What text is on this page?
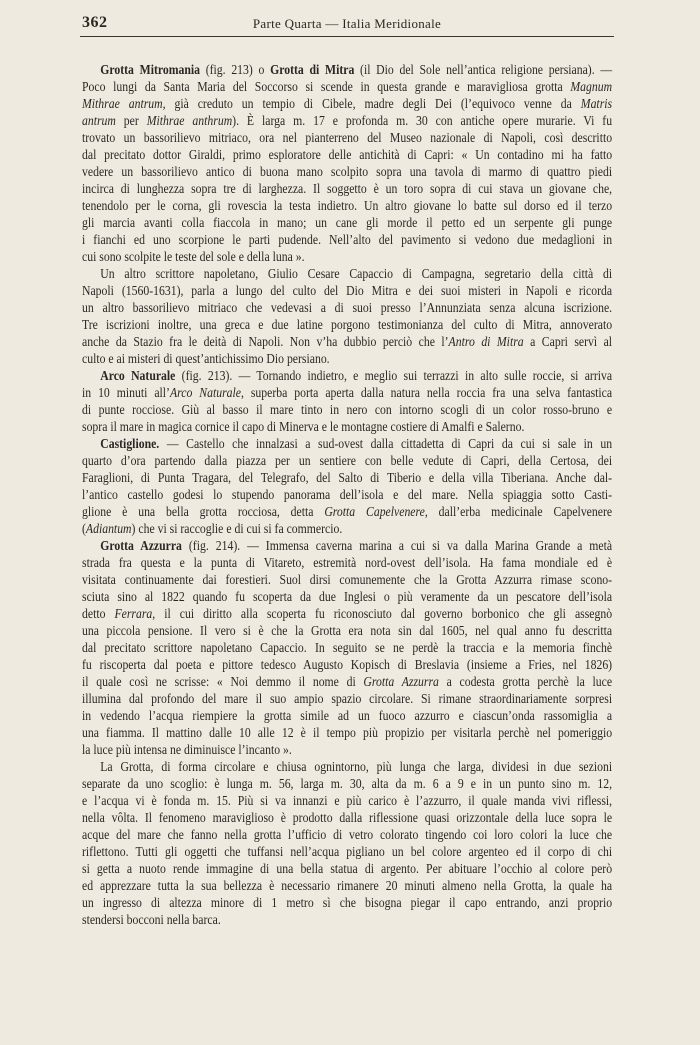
362	Parte Quarta — Italia Meridionale
Grotta Mitromania (fig. 213) o Grotta di Mitra (il Dio del Sole nell’antica religione persiana). —
Poco lungi da Santa Maria del Soccorso si scende in questa grande e maravigliosa grotta Magnum
Mithrae antrum, già creduto un tempio di Cibele, madre degli Dei (l’equivoco venne da Matris
antrum per Mithrae anthrum). È larga m. 17 e profonda m. 30 con antiche opere murarie. Vi fu
trovato un bassorilievo mitriaco, ora nel pianterreno del Museo nazionale di Napoli, così descritto
dal precitato dottor Giraldi, primo esploratore delle antichità di Capri: « Un contadino mi ha fatto
vedere un bassorilievo antico di buona mano scolpito sopra una tavola di marmo di quattro piedi
incirca di lunghezza sopra tre di larghezza. Il soggetto è un toro sopra di cui stava un giovane che,
tenendolo per le corna, gli rovescia la testa indietro. Un altro giovane lo batte sul dorso ed il terzo
gli marcia avanti colla fiaccola in mano; un cane gli morde il petto ed un serpente gli punge
i fianchi ed uno scorpione le parti pudende. Nell’alto del pavimento si vedono due medaglioni in
cui sono scolpite le teste del sole e della luna ».
Un altro scrittore napoletano, Giulio Cesare Capaccio di Campagna, segretario della città di
Napoli (1560-1631), parla a lungo del culto del Dio Mitra e dei suoi misteri in Napoli e ricorda
un altro bassorilievo mitriaco che vedevasi a di suoi presso l’Annunziata senza alcuna iscrizione.
Tre iscrizioni inoltre, una greca e due latine porgono testimonianza del culto di Mitra, annoverato
anche da Stazio fra le deità di Napoli. Non v’ha dubbio perciò che l’Antro di Mitra a Capri servì al
culto e ai misteri di quest’antichissimo Dio persiano.
Arco Naturale (fig. 213). — Tornando indietro, e meglio sui terrazzi in alto sulle roccie, si arriva
in 10 minuti all’Arco Naturale, superba porta aperta dalla natura nella roccia fra una selva fantastica
di punte rocciose. Giù al basso il mare tinto in nero con intorno scogli di un color rosso-bruno e
sopra il mare in magica cornice il capo di Minerva e le montagne costiere di Amalfi e Salerno.
Castiglione. — Castello che innalzasi a sud-ovest dalla cittadetta di Capri da cui si sale in un
quarto d’ora partendo dalla piazza per un sentiere con belle vedute di Capri, della Certosa, dei
Faraglioni, di Punta Tragara, del Telegrafo, del Salto di Tiberio e della villa Tiberiana. Anche dal-
l’antico castello godesi lo stupendo panorama dell’isola e del mare. Nella spiaggia sotto Casti-
glione è una bella grotta rocciosa, detta Grotta Capelvenere, dall’erba medicinale Capelvenere
(Adiantum) che vi si raccoglie e di cui si fa commercio.
Grotta Azzurra (fig. 214). — Immensa caverna marina a cui si va dalla Marina Grande a metà
strada fra questa e la punta di Vitareto, estremità nord-ovest dell’isola. Ha fama mondiale ed è
visitata continuamente dai forestieri. Suol dirsi comunemente che la Grotta Azzurra rimase scono-
sciuta sino al 1822 quando fu scoperta da due Inglesi o più veramente da un pescatore dell’isola
detto Ferrara, il cui diritto alla scoperta fu riconosciuto dal governo borbonico che gli assegnò
una piccola pensione. Il vero si è che la Grotta era nota sin dal 1605, nel qual anno fu descritta
dal precitato scrittore napoletano Capaccio. In seguito se ne perdè la traccia e la memoria finchè
fu riscoperta dal poeta e pittore tedesco Augusto Kopisch di Breslavia (insieme a Fries, nel 1826)
il quale così ne scrisse: « Noi demmo il nome di Grotta Azzurra a codesta grotta perchè la luce
illumina dal profondo del mare il suo ampio spazio circolare. Si rimane straordinariamente sorpresi
in vedendo l’acqua riempiere la grotta simile ad un fuoco azzurro e ciascun’onda rassomiglia a
una fiamma. Il mattino dalle 10 alle 12 è il tempo più propizio per visitarla perchè nel pomeriggio
la luce più intensa ne diminuisce l’incanto ».
La Grotta, di forma circolare e chiusa ognintorno, più lunga che larga, dividesi in due sezioni
separate da uno scoglio: è lunga m. 56, larga m. 30, alta da m. 6 a 9 e in un punto sino m. 12,
e l’acqua vi è fonda m. 15. Più si va innanzi e più carico è l’azzurro, il quale manda vivi riflessi,
nella vôlta. Il fenomeno maraviglioso è prodotto dalla riflessione quasi orizzontale della luce sopra le
acque del mare che fanno nella grotta l’ufficio di vetro colorato tingendo coi loro colori la luce che
riflettono. Tutti gli oggetti che tuffansi nell’acqua pigliano un bel colore argenteo ed il corpo di chi
si getta a nuoto rende immagine di una bella statua di argento. Per abituare l’occhio al colore però
ed apprezzare tutta la sua bellezza è necessario rimanere 20 minuti almeno nella Grotta, la quale ha
un ingresso di altezza minore di 1 metro sì che bisogna piegar il capo entrando, anzi proprio
stendersi bocconi nella barca.
